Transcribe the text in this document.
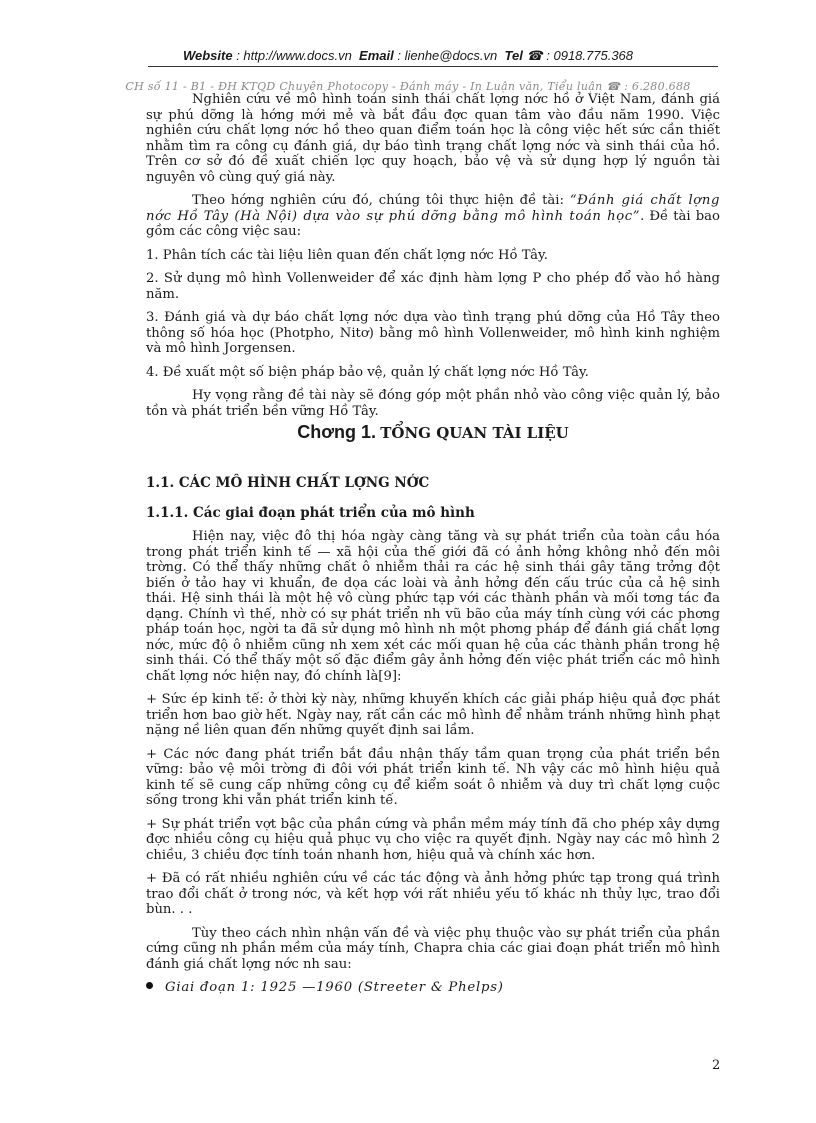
Website : http://www.docs.vn Email : lienhe@docs.vn Tel ☎ : 0918.775.368
CH số 11 - B1 - ĐH KTQD Chuyên Photocopy - Đánh máy - In Luận văn, Tiểu luận ☎ : 6.280.688

Nghiên cứu về mô hình toán sinh thái chất lợng nớc hồ ở Việt Nam, đánh giá sự phú dỡng là hớng mới mẻ và bắt đầu đợc quan tâm vào đầu năm 1990. Việc nghiên cứu chất lợng nớc hồ theo quan điểm toán học là công việc hết sức cần thiết nhằm tìm ra công cụ đánh giá, dự báo tình trạng chất lợng nớc và sinh thái của hồ. Trên cơ sở đó đề xuất chiến lợc quy hoạch, bảo vệ và sử dụng hợp lý nguồn tài nguyên vô cùng quý giá này.

Theo hớng nghiên cứu đó, chúng tôi thực hiện đề tài: “Đánh giá chất lợng nớc Hồ Tây (Hà Nội) dựa vào sự phú dỡng bằng mô hình toán học”. Đề tài bao gồm các công việc sau:

1. Phân tích các tài liệu liên quan đến chất lợng nớc Hồ Tây.

2. Sử dụng mô hình Vollenweider để xác định hàm lợng P cho phép đổ vào hồ hàng năm.

3. Đánh giá và dự báo chất lợng nớc dựa vào tình trạng phú dỡng của Hồ Tây theo thông số hóa học (Photpho, Nitơ) bằng mô hình Vollenweider, mô hình kinh nghiệm và mô hình Jorgensen.

4. Đề xuất một số biện pháp bảo vệ, quản lý chất lợng nớc Hồ Tây.

Hy vọng rằng đề tài này sẽ đóng góp một phần nhỏ vào công việc quản lý, bảo tồn và phát triển bền vững Hồ Tây.

Chơng 1. TỔNG QUAN TÀI LIỆU
1.1. CÁC MÔ HÌNH CHẤT LỢNG NỚC
1.1.1. Các giai đoạn phát triển của mô hình

Hiện nay, việc đô thị hóa ngày càng tăng và sự phát triển của toàn cầu hóa trong phát triển kinh tế — xã hội của thế giới đã có ảnh hởng không nhỏ đến môi trờng. Có thể thấy những chất ô nhiễm thải ra các hệ sinh thái gây tăng trởng đột biến ở tảo hay vi khuẩn, đe dọa các loài và ảnh hởng đến cấu trúc của cả hệ sinh thái. Hệ sinh thái là một hệ vô cùng phức tạp với các thành phần và mối tơng tác đa dạng. Chính vì thế, nhờ có sự phát triển nh vũ bão của máy tính cùng với các phơng pháp toán học, ngời ta đã sử dụng mô hình nh một phơng pháp để đánh giá chất lợng nớc, mức độ ô nhiễm cũng nh xem xét các mối quan hệ của các thành phần trong hệ sinh thái. Có thể thấy một số đặc điểm gây ảnh hởng đến việc phát triển các mô hình chất lợng nớc hiện nay, đó chính là[9]:

+ Sức ép kinh tế: ở thời kỳ này, những khuyến khích các giải pháp hiệu quả đợc phát triển hơn bao giờ hết. Ngày nay, rất cần các mô hình để nhằm tránh những hình phạt nặng nề liên quan đến những quyết định sai lầm.

+ Các nớc đang phát triển bắt đầu nhận thấy tầm quan trọng của phát triển bền vững: bảo vệ môi trờng đi đôi với phát triển kinh tế. Nh vậy các mô hình hiệu quả kinh tế sẽ cung cấp những công cụ để kiểm soát ô nhiễm và duy trì chất lợng cuộc sống trong khi vẫn phát triển kinh tế.

+ Sự phát triển vợt bậc của phần cứng và phần mềm máy tính đã cho phép xây dựng đợc nhiều công cụ hiệu quả phục vụ cho việc ra quyết định. Ngày nay các mô hình 2 chiều, 3 chiều đợc tính toán nhanh hơn, hiệu quả và chính xác hơn.

+ Đã có rất nhiều nghiên cứu về các tác động và ảnh hởng phức tạp trong quá trình trao đổi chất ở trong nớc, và kết hợp với rất nhiều yếu tố khác nh thủy lực, trao đổi bùn. . .

Tùy theo cách nhìn nhận vấn đề và việc phụ thuộc vào sự phát triển của phần cứng cũng nh phần mềm của máy tính, Chapra chia các giai đoạn phát triển mô hình đánh giá chất lợng nớc nh sau:

Giai đoạn 1: 1925 —1960 (Streeter & Phelps)
2
